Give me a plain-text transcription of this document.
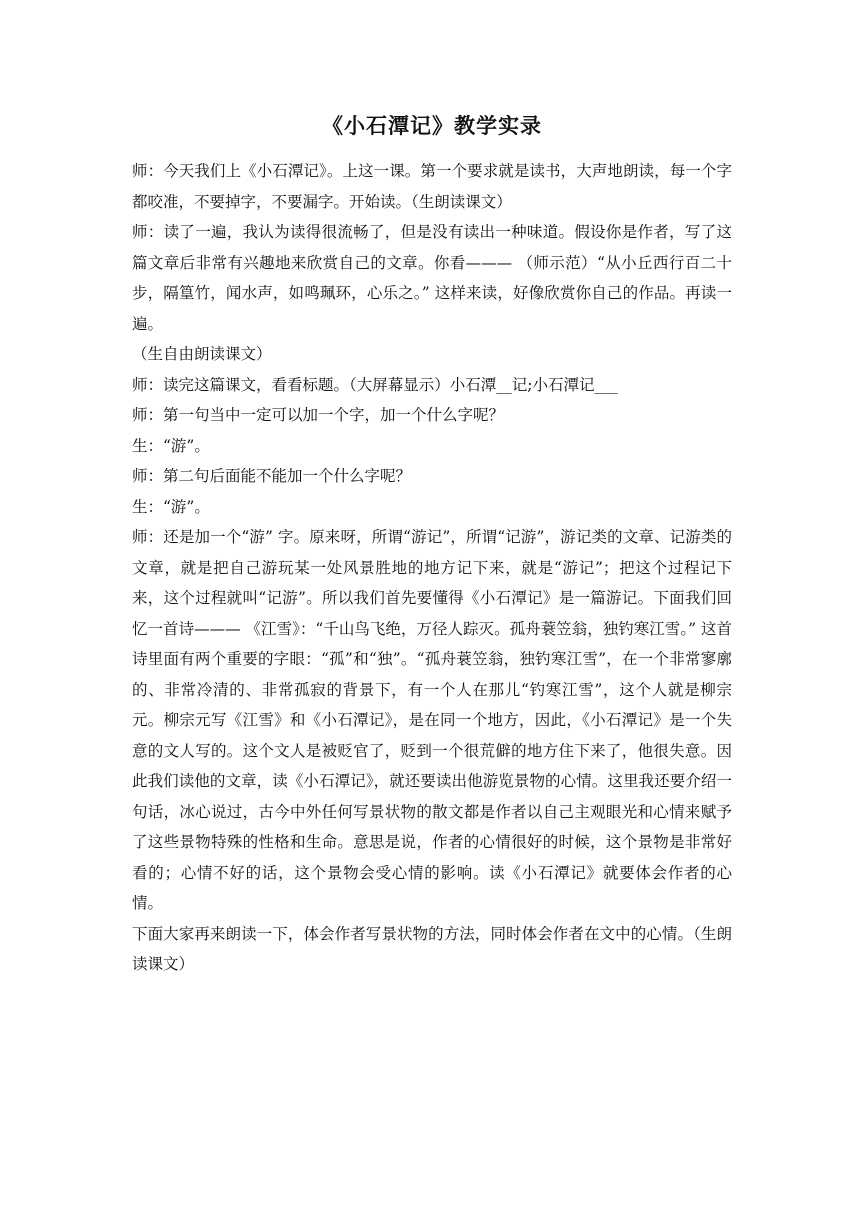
《小石潭记》教学实录

师：今天我们上《小石潭记》。上这一课。第一个要求就是读书，大声地朗读，每一个字都咬准，不要掉字，不要漏字。开始读。（生朗读课文）

师：读了一遍，我认为读得很流畅了，但是没有读出一种味道。假设你是作者，写了这篇文章后非常有兴趣地来欣赏自己的文章。你看——— （师示范）“从小丘西行百二十步，隔篁竹，闻水声，如鸣珮环，心乐之。” 这样来读，好像欣赏你自己的作品。再读一遍。

（生自由朗读课文）

师：读完这篇课文，看看标题。（大屏幕显示）小石潭__记;小石潭记___

师：第一句当中一定可以加一个字，加一个什么字呢？

生：“游”。

师：第二句后面能不能加一个什么字呢？

生：“游”。

师：还是加一个“游” 字。原来呀，所谓“游记”，所谓“记游”，游记类的文章、记游类的文章，就是把自己游玩某一处风景胜地的地方记下来，就是“游记”；把这个过程记下来，这个过程就叫“记游”。所以我们首先要懂得《小石潭记》是一篇游记。下面我们回忆一首诗——— 《江雪》：“千山鸟飞绝，万径人踪灭。孤舟蓑笠翁，独钓寒江雪。” 这首诗里面有两个重要的字眼：“孤”和“独”。“孤舟蓑笠翁，独钓寒江雪”，在一个非常寥廓的、非常冷清的、非常孤寂的背景下，有一个人在那儿“钓寒江雪”，这个人就是柳宗元。柳宗元写《江雪》和《小石潭记》，是在同一个地方，因此，《小石潭记》是一个失意的文人写的。这个文人是被贬官了，贬到一个很荒僻的地方住下来了，他很失意。因此我们读他的文章，读《小石潭记》，就还要读出他游览景物的心情。这里我还要介绍一句话，冰心说过，古今中外任何写景状物的散文都是作者以自己主观眼光和心情来赋予了这些景物特殊的性格和生命。意思是说，作者的心情很好的时候，这个景物是非常好看的；心情不好的话，这个景物会受心情的影响。读《小石潭记》就要体会作者的心情。

下面大家再来朗读一下，体会作者写景状物的方法，同时体会作者在文中的心情。（生朗读课文）
